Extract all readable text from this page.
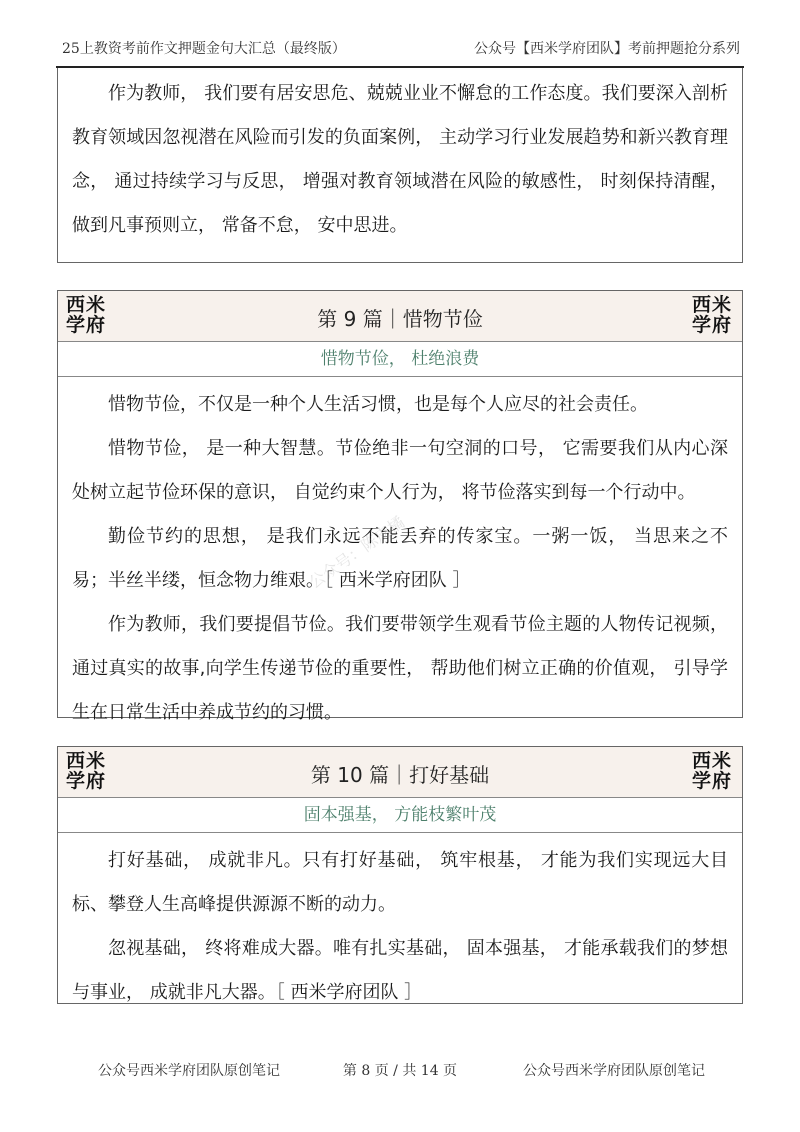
25上教资考前作文押题金句大汇总（最终版）	公众号【西米学府团队】考前押题抢分系列

作为教师， 我们要有居安思危、兢兢业业不懈怠的工作态度。我们要深入剖析教育领域因忽视潜在风险而引发的负面案例， 主动学习行业发展趋势和新兴教育理念， 通过持续学习与反思， 增强对教育领域潜在风险的敏感性， 时刻保持清醒，做到凡事预则立， 常备不怠， 安中思进。

西米
学府	第 9 篇｜惜物节俭
西米
学府
惜物节俭， 杜绝浪费

惜物节俭，不仅是一种个人生活习惯，也是每个人应尽的社会责任。

惜物节俭， 是一种大智慧。节俭绝非一句空洞的口号， 它需要我们从内心深处树立起节俭环保的意识， 自觉约束个人行为， 将节俭落实到每一个行动中。

勤俭节约的思想， 是我们永远不能丢弃的传家宝。一粥一饭， 当思来之不易；半丝半缕，恒念物力维艰。［ 西米学府团队 ］

作为教师，我们要提倡节俭。我们要带领学生观看节俭主题的人物传记视频，通过真实的故事,向学生传递节俭的重要性， 帮助他们树立正确的价值观， 引导学生在日常生活中养成节约的习惯。

公众号：陈皮橘
西米
学府	第 10 篇｜打好基础
西米
学府
固本强基， 方能枝繁叶茂

打好基础， 成就非凡。只有打好基础， 筑牢根基， 才能为我们实现远大目标、攀登人生高峰提供源源不断的动力。

忽视基础， 终将难成大器。唯有扎实基础， 固本强基， 才能承载我们的梦想与事业， 成就非凡大器。［ 西米学府团队 ］

公众号西米学府团队原创笔记	第 8 页 / 共 14 页	公众号西米学府团队原创笔记
